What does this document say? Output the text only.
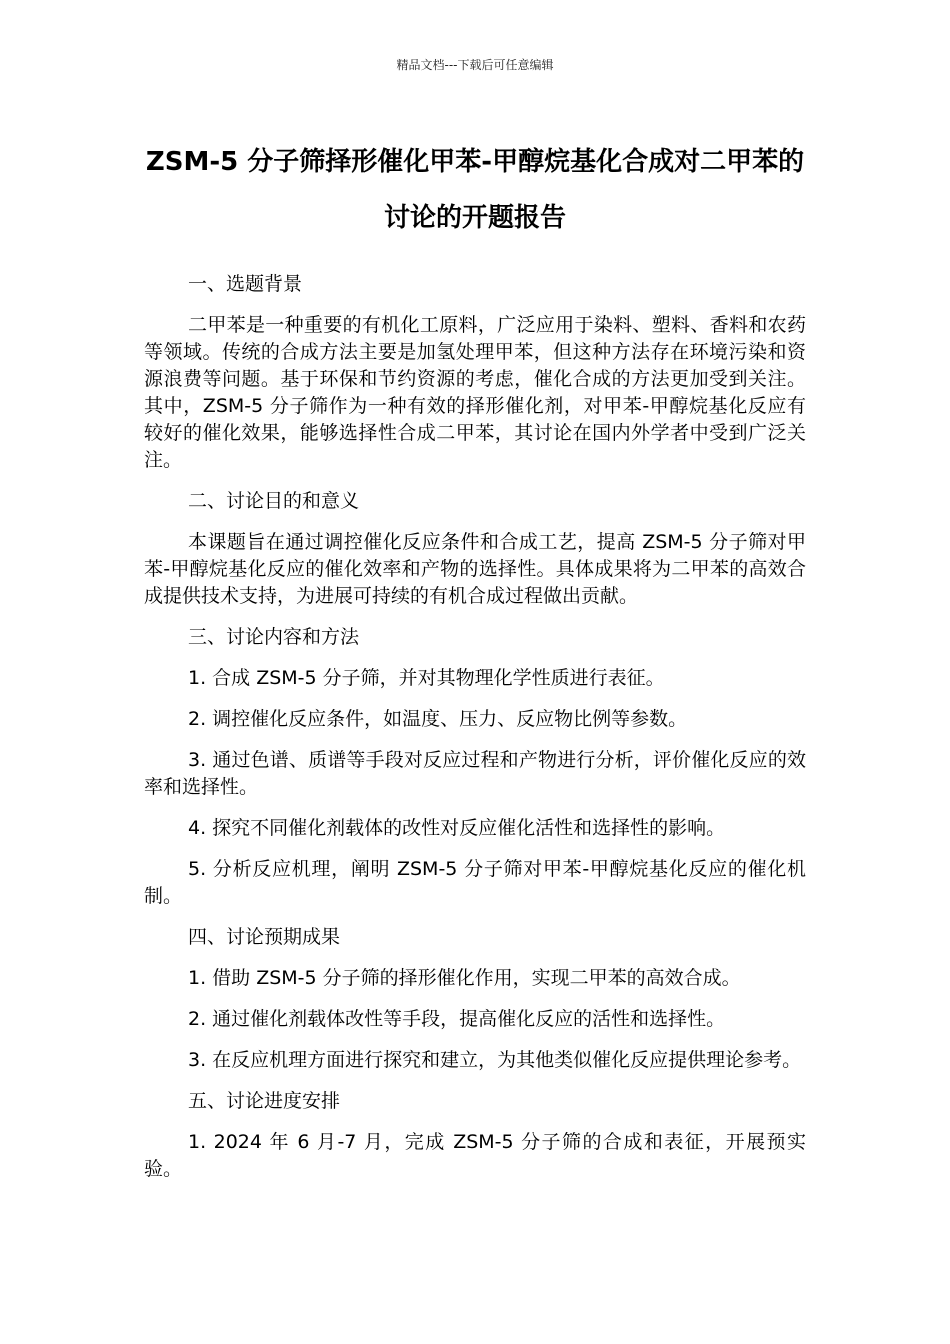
精品文档---下载后可任意编辑
ZSM-5 分子筛择形催化甲苯-甲醇烷基化合成对二甲苯的讨论的开题报告

一、选题背景

二甲苯是一种重要的有机化工原料，广泛应用于染料、塑料、香料和农药等领域。传统的合成方法主要是加氢处理甲苯，但这种方法存在环境污染和资源浪费等问题。基于环保和节约资源的考虑，催化合成的方法更加受到关注。其中，ZSM-5 分子筛作为一种有效的择形催化剂，对甲苯-甲醇烷基化反应有较好的催化效果，能够选择性合成二甲苯，其讨论在国内外学者中受到广泛关注。

二、讨论目的和意义

本课题旨在通过调控催化反应条件和合成工艺，提高 ZSM-5 分子筛对甲苯-甲醇烷基化反应的催化效率和产物的选择性。具体成果将为二甲苯的高效合成提供技术支持，为进展可持续的有机合成过程做出贡献。

三、讨论内容和方法

1. 合成 ZSM-5 分子筛，并对其物理化学性质进行表征。

2. 调控催化反应条件，如温度、压力、反应物比例等参数。

3. 通过色谱、质谱等手段对反应过程和产物进行分析，评价催化反应的效率和选择性。

4. 探究不同催化剂载体的改性对反应催化活性和选择性的影响。

5. 分析反应机理，阐明 ZSM-5 分子筛对甲苯-甲醇烷基化反应的催化机制。

四、讨论预期成果

1. 借助 ZSM-5 分子筛的择形催化作用，实现二甲苯的高效合成。

2. 通过催化剂载体改性等手段，提高催化反应的活性和选择性。

3. 在反应机理方面进行探究和建立，为其他类似催化反应提供理论参考。

五、讨论进度安排

1. 2024 年 6 月-7 月，完成 ZSM-5 分子筛的合成和表征，开展预实验。
